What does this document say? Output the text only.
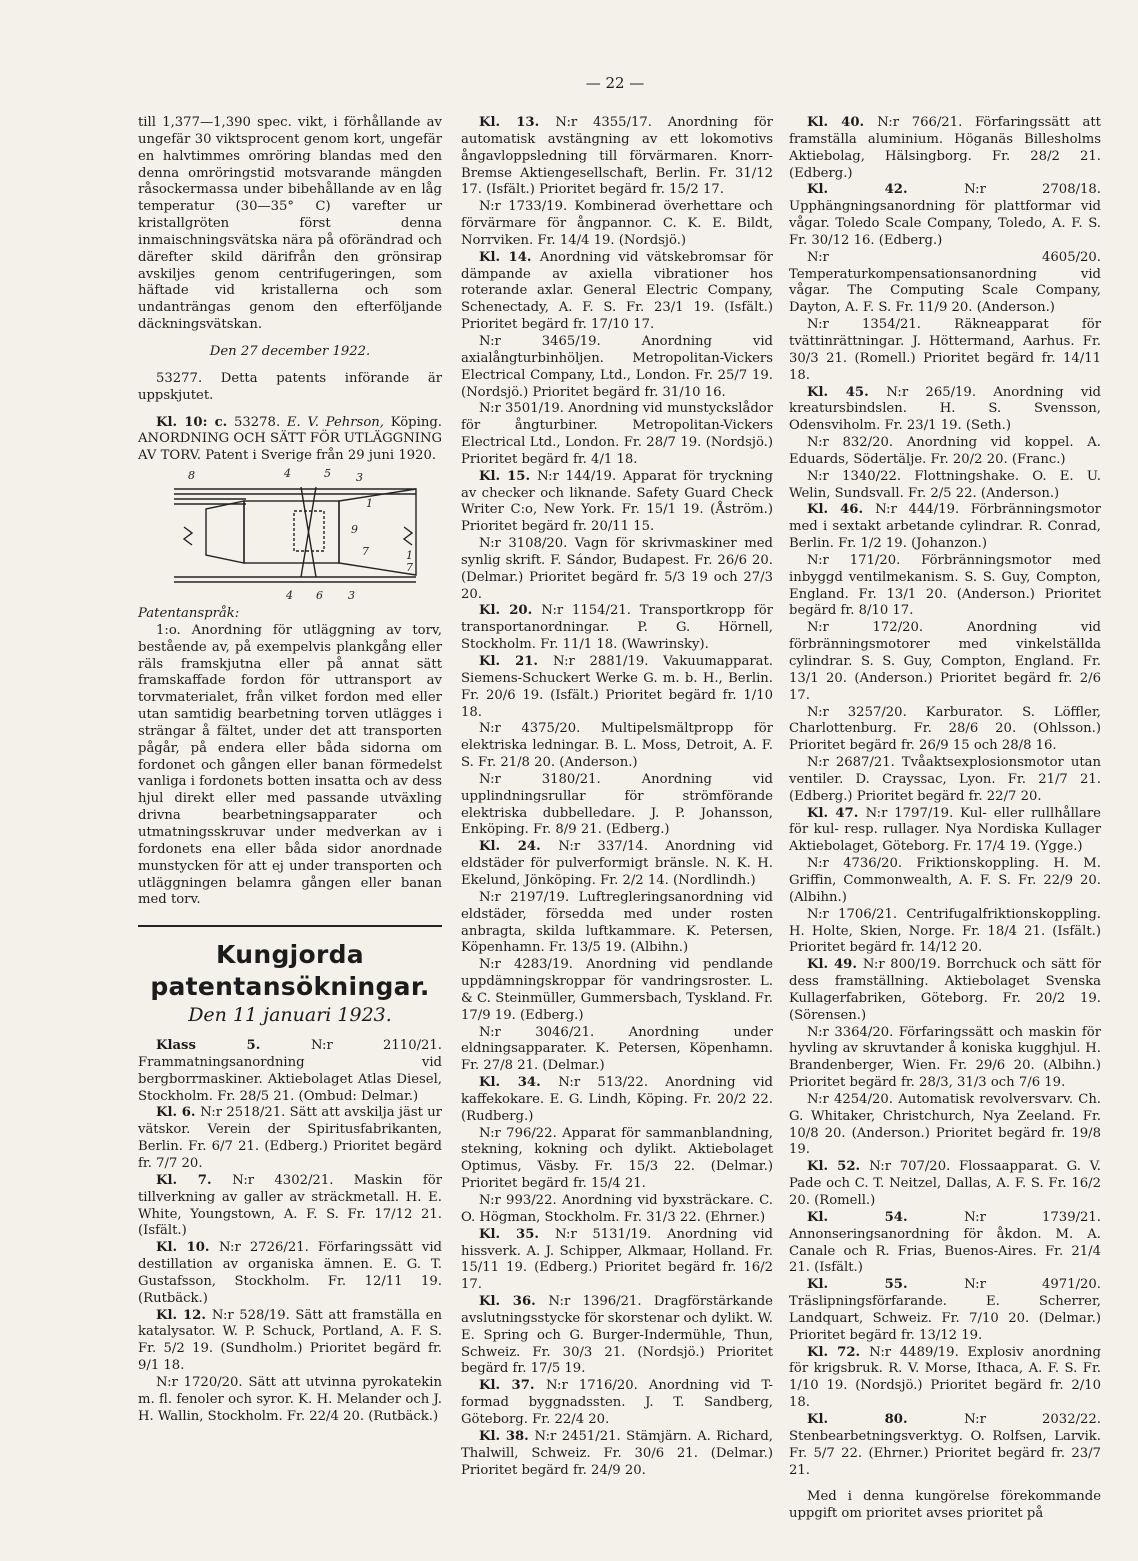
— 22 —

till 1,377—1,390 spec. vikt, i förhållande av ungefär 30 viktsprocent genom kort, ungefär en halvtimmes omröring blandas med den denna omröringstid motsvarande mängden råsockermassa under bibehållande av en låg temperatur (30—35° C) varefter ur kristallgröten först denna inmaischningsvätska nära på oförändrad och därefter skild därifrån den grönsirap avskiljes genom centrifugeringen, som häftade vid kristallerna och som undanträngas genom den efterföljande däckningsvätskan.

Den 27 december 1922.

53277. Detta patents införande är uppskjutet.

Kl. 10: c. 53278. E. V. Pehrson, Köping. ANORDNING OCH SÄTT FÖR UTLÄGGNING AV TORV. Patent i Sverige från 29 juni 1920.

8	4	5 3
1
9
7	1
7
4 6 3

Patentanspråk:

1:o. Anordning för utläggning av torv, bestående av, på exempelvis plankgång eller räls framskjutna eller på annat sätt framskaffade fordon för uttransport av torvmaterialet, från vilket fordon med eller utan samtidig bearbetning torven utlägges i strängar å fältet, under det att transporten pågår, på endera eller båda sidorna om fordonet och gången eller banan förmedelst vanliga i fordonets botten insatta och av dess hjul direkt eller med passande utväxling drivna bearbetningsapparater och utmatningsskruvar under medverkan av i fordonets ena eller båda sidor anordnade munstycken för att ej under transporten och utläggningen belamra gången eller banan med torv.

Kungjorda patentansökningar.
Den 11 januari 1923.

Klass 5. N:r 2110/21. Frammatningsanordning vid bergborrmaskiner. Aktiebolaget Atlas Diesel, Stockholm. Fr. 28/5 21. (Ombud: Delmar.)

Kl. 6. N:r 2518/21. Sätt att avskilja jäst ur vätskor. Verein der Spiritusfabrikanten, Berlin. Fr. 6/7 21. (Edberg.) Prioritet begärd fr. 7/7 20.

Kl. 7. N:r 4302/21. Maskin för tillverkning av galler av sträckmetall. H. E. White, Youngstown, A. F. S. Fr. 17/12 21. (Isfält.)

Kl. 10. N:r 2726/21. Förfaringssätt vid destillation av organiska ämnen. E. G. T. Gustafsson, Stockholm. Fr. 12/11 19. (Rutbäck.)

Kl. 12. N:r 528/19. Sätt att framställa en katalysator. W. P. Schuck, Portland, A. F. S. Fr. 5/2 19. (Sundholm.) Prioritet begärd fr. 9/1 18.

N:r 1720/20. Sätt att utvinna pyrokatekin m. fl. fenoler och syror. K. H. Melander och J. H. Wallin, Stockholm. Fr. 22/4 20. (Rutbäck.)

Kl. 13. N:r 4355/17. Anordning för automatisk avstängning av ett lokomotivs ångavloppsledning till förvärmaren. Knorr-Bremse Aktiengesellschaft, Berlin. Fr. 31/12 17. (Isfält.) Prioritet begärd fr. 15/2 17.

N:r 1733/19. Kombinerad överhettare och förvärmare för ångpannor. C. K. E. Bildt, Norrviken. Fr. 14/4 19. (Nordsjö.)

Kl. 14. Anordning vid vätskebromsar för dämpande av axiella vibrationer hos roterande axlar. General Electric Company, Schenectady, A. F. S. Fr. 23/1 19. (Isfält.) Prioritet begärd fr. 17/10 17.

N:r 3465/19. Anordning vid axialångturbinhöljen. Metropolitan-Vickers Electrical Company, Ltd., London. Fr. 25/7 19. (Nordsjö.) Prioritet begärd fr. 31/10 16.

N:r 3501/19. Anordning vid munstyckslådor för ångturbiner. Metropolitan-Vickers Electrical Ltd., London. Fr. 28/7 19. (Nordsjö.) Prioritet begärd fr. 4/1 18.

Kl. 15. N:r 144/19. Apparat för tryckning av checker och liknande. Safety Guard Check Writer C:o, New York. Fr. 15/1 19. (Åström.) Prioritet begärd fr. 20/11 15.

N:r 3108/20. Vagn för skrivmaskiner med synlig skrift. F. Sándor, Budapest. Fr. 26/6 20. (Delmar.) Prioritet begärd fr. 5/3 19 och 27/3 20.

Kl. 20. N:r 1154/21. Transportkropp för transportanordningar. P. G. Hörnell, Stockholm. Fr. 11/1 18. (Wawrinsky).

Kl. 21. N:r 2881/19. Vakuumapparat. Siemens-Schuckert Werke G. m. b. H., Berlin. Fr. 20/6 19. (Isfält.) Prioritet begärd fr. 1/10 18.

N:r 4375/20. Multipelsmältpropp för elektriska ledningar. B. L. Moss, Detroit, A. F. S. Fr. 21/8 20. (Anderson.)

N:r 3180/21. Anordning vid upplindningsrullar för strömförande elektriska dubbelledare. J. P. Johansson, Enköping. Fr. 8/9 21. (Edberg.)

Kl. 24. N:r 337/14. Anordning vid eldstäder för pulverformigt bränsle. N. K. H. Ekelund, Jönköping. Fr. 2/2 14. (Nordlindh.)

N:r 2197/19. Luftregleringsanordning vid eldstäder, försedda med under rosten anbragta, skilda luftkammare. K. Petersen, Köpenhamn. Fr. 13/5 19. (Albihn.)

N:r 4283/19. Anordning vid pendlande uppdämningskroppar för vandringsroster. L. & C. Steinmüller, Gummersbach, Tyskland. Fr. 17/9 19. (Edberg.)

N:r 3046/21. Anordning under eldningsapparater. K. Petersen, Köpenhamn. Fr. 27/8 21. (Delmar.)

Kl. 34. N:r 513/22. Anordning vid kaffekokare. E. G. Lindh, Köping. Fr. 20/2 22. (Rudberg.)

N:r 796/22. Apparat för sammanblandning, stekning, kokning och dylikt. Aktiebolaget Optimus, Väsby. Fr. 15/3 22. (Delmar.) Prioritet begärd fr. 15/4 21.

N:r 993/22. Anordning vid byxsträckare. C. O. Högman, Stockholm. Fr. 31/3 22. (Ehrner.)

Kl. 35. N:r 5131/19. Anordning vid hissverk. A. J. Schipper, Alkmaar, Holland. Fr. 15/11 19. (Edberg.) Prioritet begärd fr. 16/2 17.

Kl. 36. N:r 1396/21. Dragförstärkande avslutningsstycke för skorstenar och dylikt. W. E. Spring och G. Burger-Indermühle, Thun, Schweiz. Fr. 30/3 21. (Nordsjö.) Prioritet begärd fr. 17/5 19.

Kl. 37. N:r 1716/20. Anordning vid T-formad byggnadssten. J. T. Sandberg, Göteborg. Fr. 22/4 20.

Kl. 38. N:r 2451/21. Stämjärn. A. Richard, Thalwill, Schweiz. Fr. 30/6 21. (Delmar.) Prioritet begärd fr. 24/9 20.

Kl. 40. N:r 766/21. Förfaringssätt att framställa aluminium. Höganäs Billesholms Aktiebolag, Hälsingborg. Fr. 28/2 21. (Edberg.)

Kl. 42. N:r 2708/18. Upphängningsanordning för plattformar vid vågar. Toledo Scale Company, Toledo, A. F. S. Fr. 30/12 16. (Edberg.)

N:r 4605/20. Temperaturkompensationsanordning vid vågar. The Computing Scale Company, Dayton, A. F. S. Fr. 11/9 20. (Anderson.)

N:r 1354/21. Räkneapparat för tvättinrättningar. J. Höttermand, Aarhus. Fr. 30/3 21. (Romell.) Prioritet begärd fr. 14/11 18.

Kl. 45. N:r 265/19. Anordning vid kreatursbindslen. H. S. Svensson, Odensviholm. Fr. 23/1 19. (Seth.)

N:r 832/20. Anordning vid koppel. A. Eduards, Södertälje. Fr. 20/2 20. (Franc.)

N:r 1340/22. Flottningshake. O. E. U. Welin, Sundsvall. Fr. 2/5 22. (Anderson.)

Kl. 46. N:r 444/19. Förbränningsmotor med i sextakt arbetande cylindrar. R. Conrad, Berlin. Fr. 1/2 19. (Johanzon.)

N:r 171/20. Förbränningsmotor med inbyggd ventilmekanism. S. S. Guy, Compton, England. Fr. 13/1 20. (Anderson.) Prioritet begärd fr. 8/10 17.

N:r 172/20. Anordning vid förbränningsmotorer med vinkelställda cylindrar. S. S. Guy, Compton, England. Fr. 13/1 20. (Anderson.) Prioritet begärd fr. 2/6 17.

N:r 3257/20. Karburator. S. Löffler, Charlottenburg. Fr. 28/6 20. (Ohlsson.) Prioritet begärd fr. 26/9 15 och 28/8 16.

N:r 2687/21. Tvåaktsexplosionsmotor utan ventiler. D. Crayssac, Lyon. Fr. 21/7 21. (Edberg.) Prioritet begärd fr. 22/7 20.

Kl. 47. N:r 1797/19. Kul- eller rullhållare för kul- resp. rullager. Nya Nordiska Kullager Aktiebolaget, Göteborg. Fr. 17/4 19. (Ygge.)

N:r 4736/20. Friktionskoppling. H. M. Griffin, Commonwealth, A. F. S. Fr. 22/9 20. (Albihn.)

N:r 1706/21. Centrifugalfriktionskoppling. H. Holte, Skien, Norge. Fr. 18/4 21. (Isfält.) Prioritet begärd fr. 14/12 20.

Kl. 49. N:r 800/19. Borrchuck och sätt för dess framställning. Aktiebolaget Svenska Kullagerfabriken, Göteborg. Fr. 20/2 19. (Sörensen.)

N:r 3364/20. Förfaringssätt och maskin för hyvling av skruvtander å koniska kugghjul. H. Brandenberger, Wien. Fr. 29/6 20. (Albihn.) Prioritet begärd fr. 28/3, 31/3 och 7/6 19.

N:r 4254/20. Automatisk revolversvarv. Ch. G. Whitaker, Christchurch, Nya Zeeland. Fr. 10/8 20. (Anderson.) Prioritet begärd fr. 19/8 19.

Kl. 52. N:r 707/20. Flossaapparat. G. V. Pade och C. T. Neitzel, Dallas, A. F. S. Fr. 16/2 20. (Romell.)

Kl. 54. N:r 1739/21. Annonseringsanordning för åkdon. M. A. Canale och R. Frias, Buenos-Aires. Fr. 21/4 21. (Isfält.)

Kl. 55. N:r 4971/20. Träslipningsförfarande. E. Scherrer, Landquart, Schweiz. Fr. 7/10 20. (Delmar.) Prioritet begärd fr. 13/12 19.

Kl. 72. N:r 4489/19. Explosiv anordning för krigsbruk. R. V. Morse, Ithaca, A. F. S. Fr. 1/10 19. (Nordsjö.) Prioritet begärd fr. 2/10 18.

Kl. 80. N:r 2032/22. Stenbearbetningsverktyg. O. Rolfsen, Larvik. Fr. 5/7 22. (Ehrner.) Prioritet begärd fr. 23/7 21.

Med i denna kungörelse förekommande uppgift om prioritet avses prioritet på
